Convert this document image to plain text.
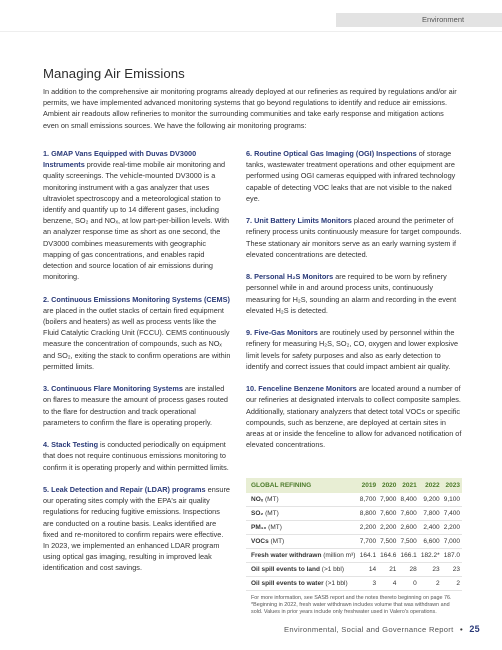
Environment
Managing Air Emissions

In addition to the comprehensive air monitoring programs already deployed at our refineries as required by regulations and/or air permits, we have implemented advanced monitoring systems that go beyond regulations to identify and reduce air emissions. Ambient air readouts allow refineries to monitor the surrounding communities and take early response and mitigation actions even on small emissions sources. We have the following air monitoring programs:

1. GMAP Vans Equipped with Duvas DV3000 Instruments provide real-time mobile air monitoring and quality screenings. The vehicle-mounted DV3000 is a monitoring instrument with a gas analyzer that uses ultraviolet spectroscopy and a meteorological station to identify and quantify up to 14 different gases, including benzene, SO₂ and NOₓ, at low part-per-billion levels. With an analyzer response time as short as one second, the DV3000 combines measurements with geographic mapping of gas concentrations, and enables rapid detection and source location of air emissions during monitoring.
2. Continuous Emissions Monitoring Systems (CEMS) are placed in the outlet stacks of certain fired equipment (boilers and heaters) as well as process vents like the Fluid Catalytic Cracking Unit (FCCU). CEMS continuously measure the concentration of compounds, such as NOₓ and SO₂, exiting the stack to confirm operations are within permitted limits.
3. Continuous Flare Monitoring Systems are installed on flares to measure the amount of process gases routed to the flare for destruction and track operational parameters to confirm the flare is operating properly.
4. Stack Testing is conducted periodically on equipment that does not require continuous emissions monitoring to confirm it is operating properly and within permitted limits.
5. Leak Detection and Repair (LDAR) programs ensure our operating sites comply with the EPA's air quality regulations for reducing fugitive emissions. Inspections are conducted on a routine basis. Leaks identified are fixed and re-monitored to confirm repairs were effective. In 2023, we implemented an enhanced LDAR program using optical gas imaging, resulting in improved leak identification and cost savings.
6. Routine Optical Gas Imaging (OGI) Inspections of storage tanks, wastewater treatment operations and other equipment are performed using OGI cameras equipped with infrared technology capable of detecting VOC leaks that are not visible to the naked eye.
7. Unit Battery Limits Monitors placed around the perimeter of refinery process units continuously measure for target compounds. These stationary air monitors serve as an early warning system if elevated concentrations are detected.
8. Personal H₂S Monitors are required to be worn by refinery personnel while in and around process units, continuously measuring for H₂S, sounding an alarm and recording in the event elevated H₂S is detected.
9. Five-Gas Monitors are routinely used by personnel within the refinery for measuring H₂S, SO₂, CO, oxygen and lower explosive limit levels for safety purposes and also as early detection to identify and correct issues that could impact ambient air quality.
10. Fenceline Benzene Monitors are located around a number of our refineries at designated intervals to collect composite samples. Additionally, stationary analyzers that detect total VOCs or specific compounds, such as benzene, are deployed at certain sites in areas at or inside the fenceline to allow for advanced notification of elevated concentrations.
GLOBAL REFINING	2019	2020	2021	2022	2023
NOₓ (MT)	8,700	7,900	8,400	9,200	9,100
SO₂ (MT)	8,800	7,600	7,600	7,800	7,400
PM₁₀ (MT)	2,200	2,200	2,600	2,400	2,200
VOCs (MT)	7,700	7,500	7,500	6,600	7,000
Fresh water withdrawn (million m³)	164.1	164.6	166.1	182.2*	187.0
Oil spill events to land (>1 bbl)	14	21	28	23	23
Oil spill events to water (>1 bbl)	3	4	0	2	2

For more information, see SASB report and the notes thereto beginning on page 76. *Beginning in 2022, fresh water withdrawn includes volume that was withdrawn and sold. Values in prior years include only freshwater used in Valero's operations.

Environmental, Social and Governance Report • 25
